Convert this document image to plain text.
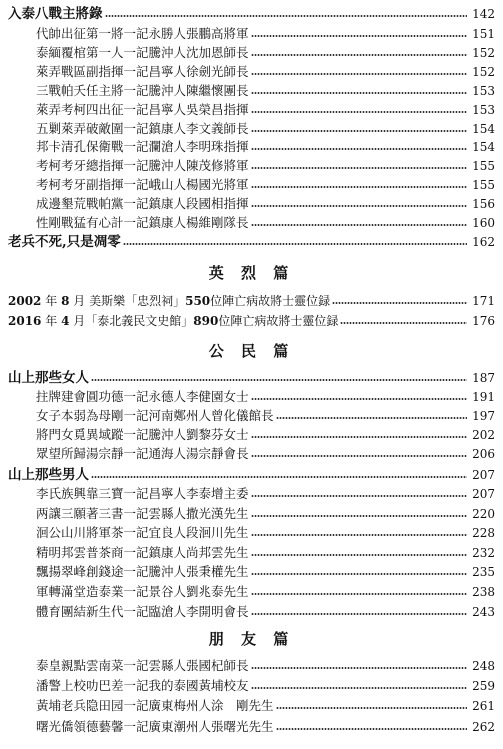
入泰八戰主將錄	142
代帥出征第一將一記永勝人張鵬高將軍	151
泰緬覆棺第一人一記騰沖人沈加恩師長	152
萊弄戰區副指揮一記昌寧人徐劍光師長	152
三戰帕夭任主將一記騰沖人陳繼懷團長	153
萊弄考柯四出征一記昌寧人吳榮昌指揮	153
五剿萊弄破敵圍一記鎮康人李文義師長	154
邦卡清孔保衛戰一記瀾滄人李明珠指揮	154
考柯考牙總指揮一記騰沖人陳茂修將軍	155
考柯考牙副指揮一記峨山人楊國光將軍	155
成邊墾荒戰帕黨一記鎮康人段國相指揮	156
性剛戰猛有心計一記鎮康人楊維剛隊長	160
老兵不死,只是凋零	162
英 烈 篇
2002 年 8 月 美斯樂「忠烈祠」550位陣亡病故將士靈位録	171
2016 年 4 月「泰北義民文史館」890位陣亡病故將士靈位録	176
公 民 篇
山上那些女人	187
拄牌建會圓功德一記永德人李健園女士	191
女子本弱為母剛一記河南鄭州人曾化儀館長	197
將門女覓異域蹤一記騰沖人劉黎芬女士	202
眾望所歸湯宗靜一記通海人湯宗靜會長	206
山上那些男人	207
李氏族興靠三寶一記昌寧人李泰增主委	207
两讓三願著三書一記雲縣人撒光漢先生	220
洄公山川將軍茶一記宜良人段洄川先生	228
精明邦雲普茶商一記鎮康人尚邦雲先生	232
飄揚翠峰創錢途一記騰沖人張秉權先生	235
軍轉滿堂造泰業一記景谷人劉兆泰先生	238
體育團結新生代一記臨滄人李開明會長	243
朋 友 篇
泰皇親點雲南菜一記雲縣人張國杞師長	248
潘警上校叻巴差一記我的泰國黃埔校友	259
黃埔老兵隐田园一記廣東梅州人涂　剛先生	261
曙光僑領德藝馨一記廣東潮州人張曙光先生	262
